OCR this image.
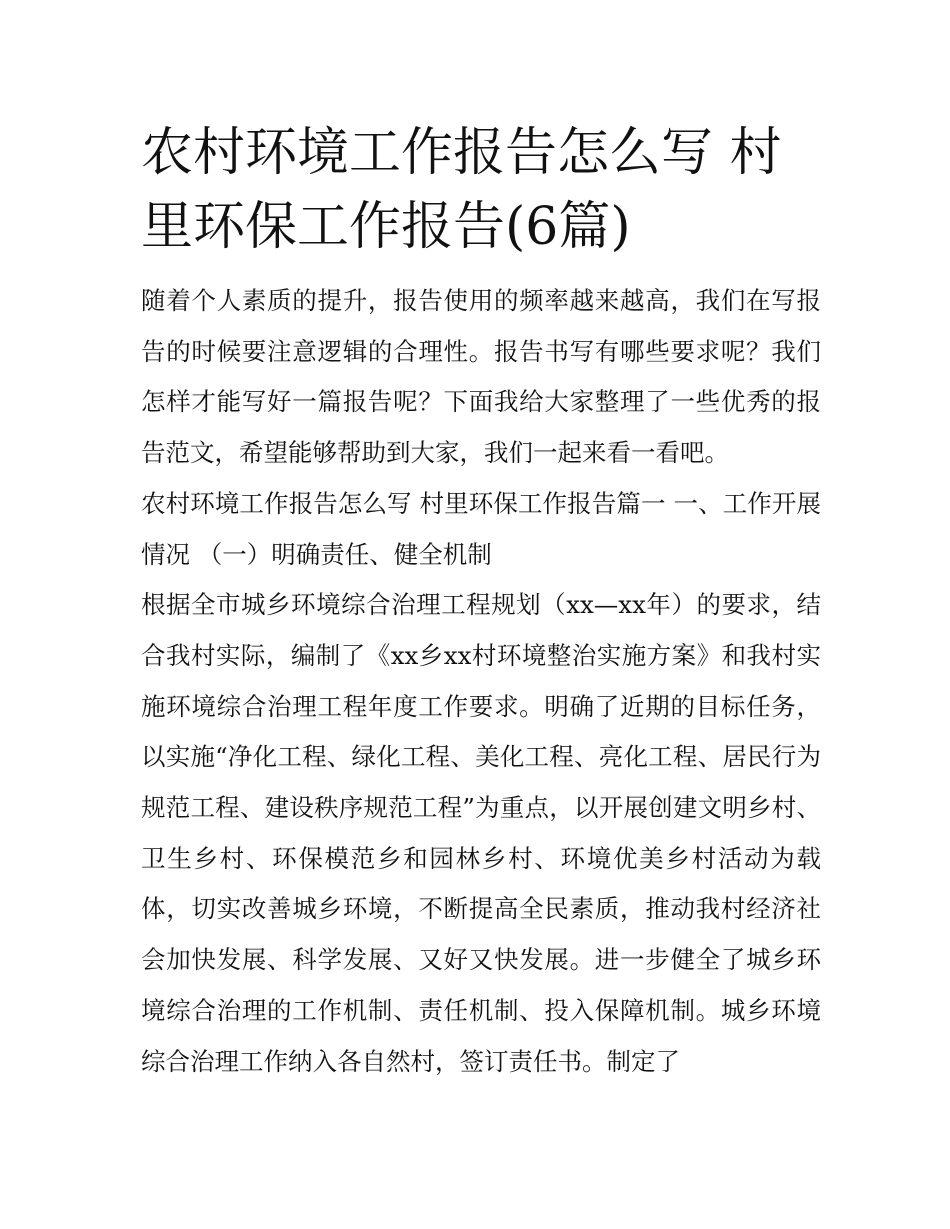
农村环境工作报告怎么写 村里环保工作报告(6篇)

随着个人素质的提升，报告使用的频率越来越高，我们在写报告的时候要注意逻辑的合理性。报告书写有哪些要求呢？我们怎样才能写好一篇报告呢？下面我给大家整理了一些优秀的报告范文，希望能够帮助到大家，我们一起来看一看吧。

农村环境工作报告怎么写 村里环保工作报告篇一 一、工作开展情况 （一）明确责任、健全机制

根据全市城乡环境综合治理工程规划（xx—xx年）的要求，结合我村实际，编制了《xx乡xx村环境整治实施方案》和我村实施环境综合治理工程年度工作要求。明确了近期的目标任务，以实施“净化工程、绿化工程、美化工程、亮化工程、居民行为规范工程、建设秩序规范工程”为重点，以开展创建文明乡村、卫生乡村、环保模范乡和园林乡村、环境优美乡村活动为载体，切实改善城乡环境，不断提高全民素质，推动我村经济社会加快发展、科学发展、又好又快发展。进一步健全了城乡环境综合治理的工作机制、责任机制、投入保障机制。城乡环境综合治理工作纳入各自然村，签订责任书。制定了
